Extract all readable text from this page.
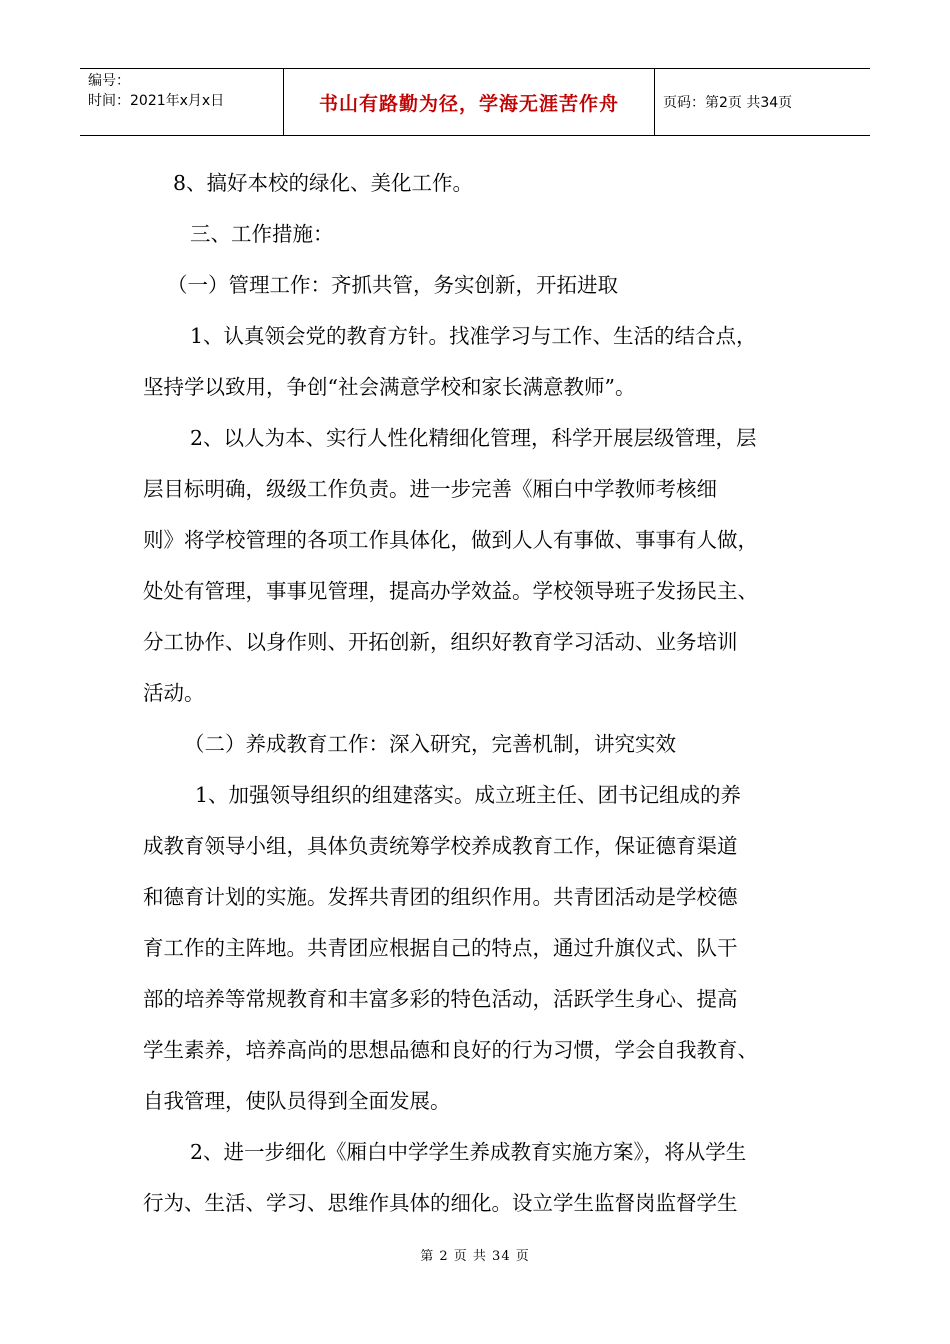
编号：
时间：2021年x月x日	书山有路勤为径，学海无涯苦作舟	页码：第2页 共34页

8、搞好本校的绿化、美化工作。

三、工作措施：

（一）管理工作：齐抓共管，务实创新，开拓进取

1、认真领会党的教育方针。找准学习与工作、生活的结合点，

坚持学以致用，争创“社会满意学校和家长满意教师”。

2、以人为本、实行人性化精细化管理，科学开展层级管理，层

层目标明确，级级工作负责。进一步完善《厢白中学教师考核细

则》将学校管理的各项工作具体化，做到人人有事做、事事有人做，

处处有管理，事事见管理，提高办学效益。学校领导班子发扬民主、

分工协作、以身作则、开拓创新，组织好教育学习活动、业务培训

活动。

（二）养成教育工作：深入研究，完善机制，讲究实效

1、加强领导组织的组建落实。成立班主任、团书记组成的养

成教育领导小组，具体负责统筹学校养成教育工作，保证德育渠道

和德育计划的实施。发挥共青团的组织作用。共青团活动是学校德

育工作的主阵地。共青团应根据自己的特点，通过升旗仪式、队干

部的培养等常规教育和丰富多彩的特色活动，活跃学生身心、提高

学生素养，培养高尚的思想品德和良好的行为习惯，学会自我教育、

自我管理，使队员得到全面发展。

2、进一步细化《厢白中学学生养成教育实施方案》，将从学生

行为、生活、学习、思维作具体的细化。设立学生监督岗监督学生

第 2 页 共 34 页
